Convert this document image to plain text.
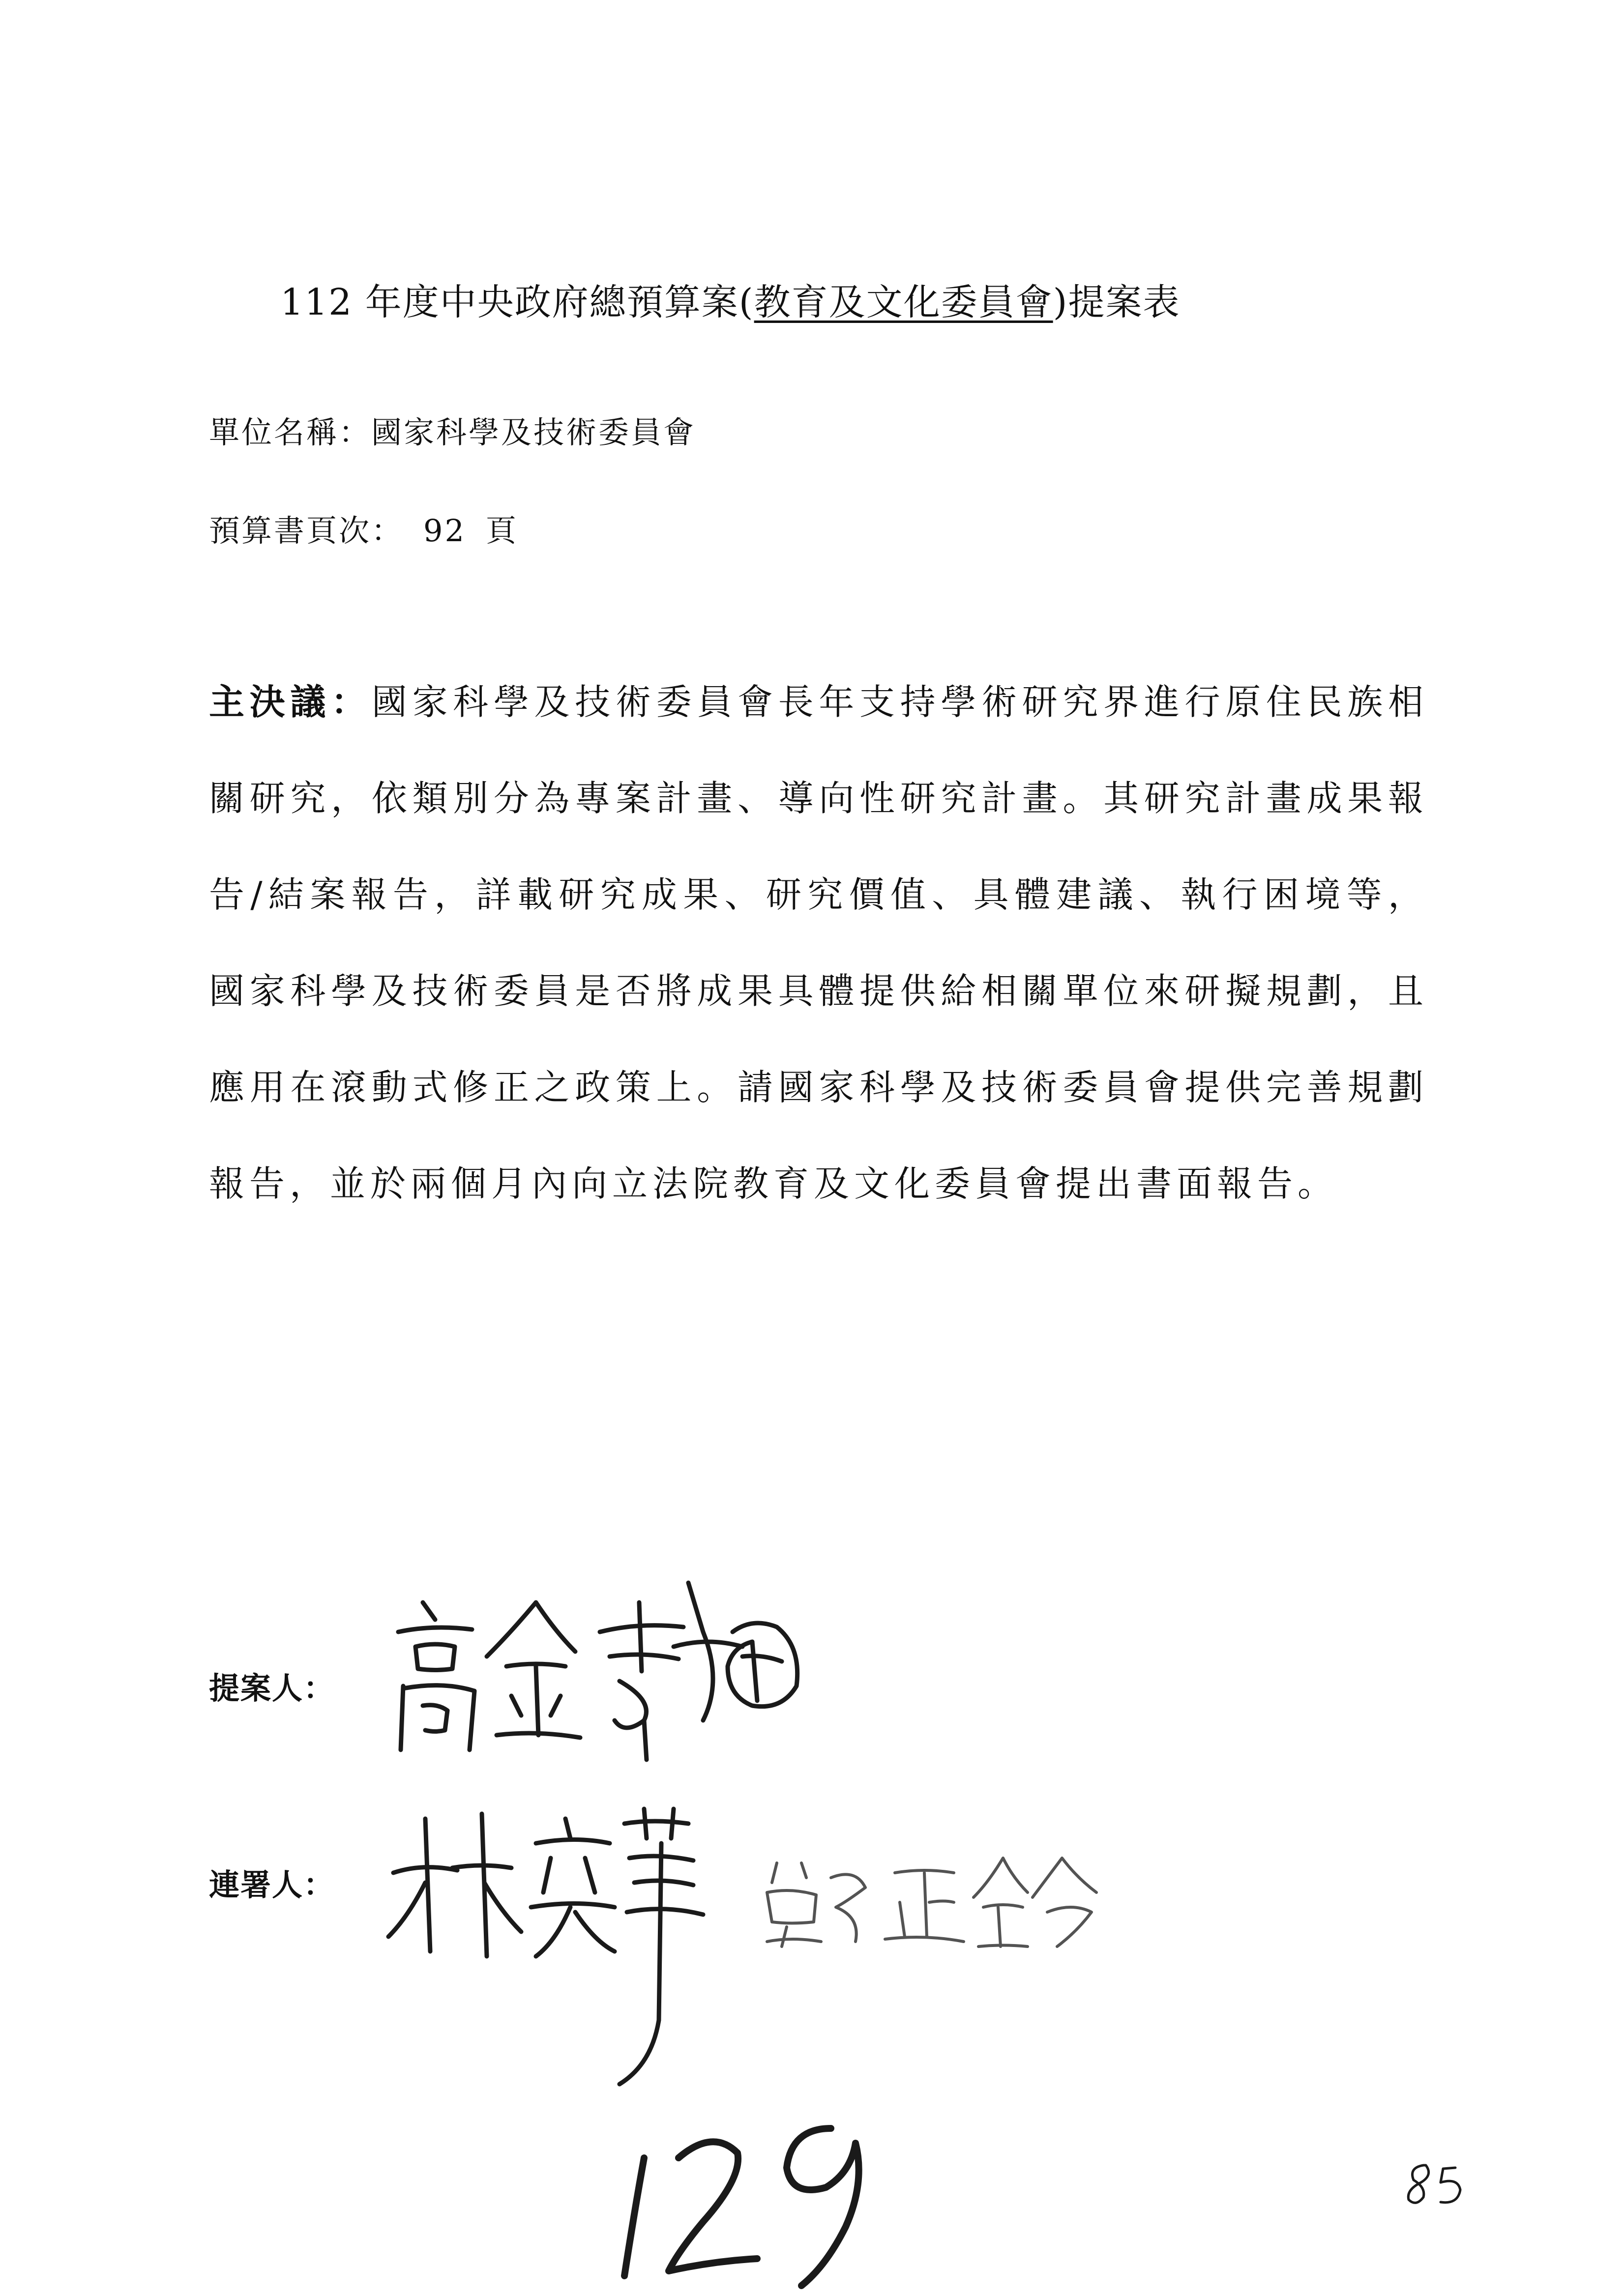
112 年度中央政府總預算案(教育及文化委員會)提案表
單位名稱：國家科學及技術委員會
預算書頁次： 92 頁
主決議：國家科學及技術委員會長年支持學術研究界進行原住民族相關研究，依類別分為專案計畫、導向性研究計畫。其研究計畫成果報告/結案報告，詳載研究成果、研究價值、具體建議、執行困境等，國家科學及技術委員是否將成果具體提供給相關單位來研擬規劃，且應用在滾動式修正之政策上。請國家科學及技術委員會提供完善規劃報告，並於兩個月內向立法院教育及文化委員會提出書面報告。
提案人：
連署人：
